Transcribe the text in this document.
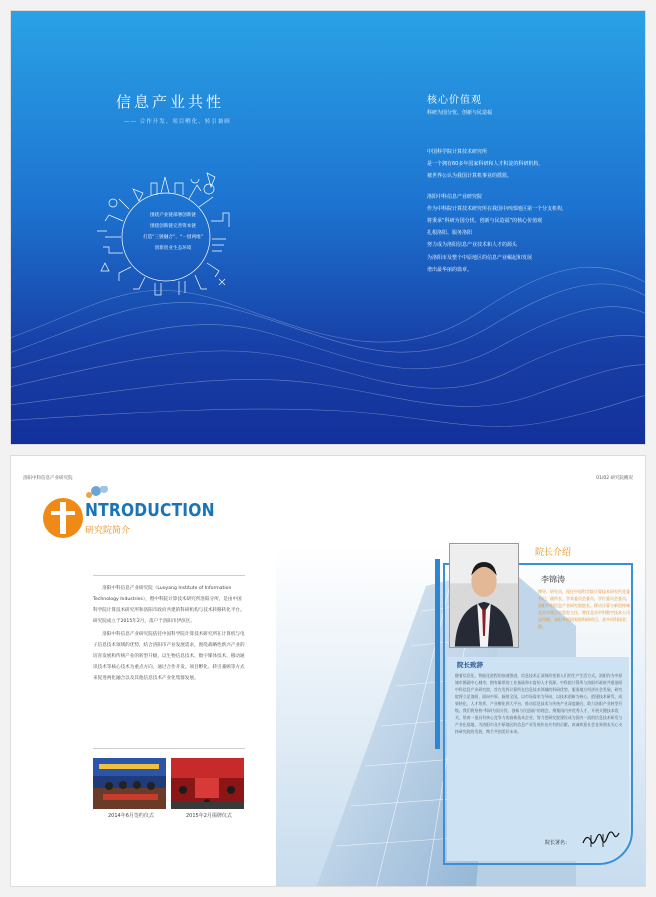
信息产业共性
—— 合作开发、项目孵化、转引兼顾
围绕产业链部署创新链
围绕创新链完善资本链
打造“三链融合”、“一园两地”
创新创业生态环境
核心价值观
科研为国分忧、创新与民造福

中国科学院计算技术研究所

是一个拥有60多年国家科研和人才积淀的科研机构，

被世界公认为我国计算机事业的摇篮。

洛阳中科信息产业研究院

作为中科院计算技术研究所在我国中西部地区第一个分支机构，

将秉承“科研为国分忧、创新与民造福”的核心价值观

扎根洛阳、服务洛阳

努力成为洛阳信息产业技术和人才的源头

为洛阳市及整个中原地区的信息产业崛起和发展

谱出最华丽的篇章。

洛阳中科信息产业研究院	01/02 研究院概况
NTRODUCTION
研究院简介

洛阳中科信息产业研究院（Luoyang Institute of Information Technology Industries），暨中科院计算技术研究所洛阳分所，是由中国科学院计算技术研究所和洛阳市政府共建的科研机构与技术转移转化平台。研究院成立于2015年2月，落户于洛阳市伊滨区。

洛阳中科信息产业研究院依托中国科学院计算技术研究所在计算机与电子信息技术领域的优势，结合洛阳市产业发展需求，围绕战略性新兴产业的培育发展和传统产业的转型升级，以生物信息技术、数字媒体技术、移动通讯技术等核心技术为重点方向，通过合作开发、项目孵化、转引兼顾等方式来促进两化融合以及其他信息技术产业化集群发展。

2014年6月签约仪式	2015年2月揭牌仪式
院长介绍
李锦涛
博导、研究员，现任中国科学院计算技术研究所党委书记、副所长，学术委员会委员，学位委员会委员。洛阳中科信息产业研究院院长。移动计算与新型终端北京市重点实验室主任，曾任北京中科数字技术公司总经理。承担多项国家级科研项目，获多项科技奖励。
院长致辞
随着信息化、智能化进程的加速推进，信息技术正深刻改变着人们的生产生活方式。洛阳作为中原城市群副中心城市，拥有雄厚的工业基础和丰富的人才资源。中科院计算所与洛阳市政府共建洛阳中科信息产业研究院，旨在发挥计算所在信息技术领域的科研优势，服务地方经济社会发展。研究院将立足洛阳、面向中原、辐射全国，以市场需求为导向，以技术创新为核心，搭建技术研发、成果转化、人才培养、产业孵化四大平台，推动信息技术与传统产业深度融合，助力洛阳产业转型升级。我们将坚持“科研为国分忧、创新与民造福”的理念，聚集国内外优秀人才，开展关键技术攻关，培育一批具有核心竞争力的高新技术企业，努力把研究院建设成为国内一流的信息技术研发与产业化基地，为洛阳市及中原地区的信息产业发展作出应有的贡献。真诚欢迎社会各界朋友关心支持研究院的发展，携手共创美好未来。
院长署名：
